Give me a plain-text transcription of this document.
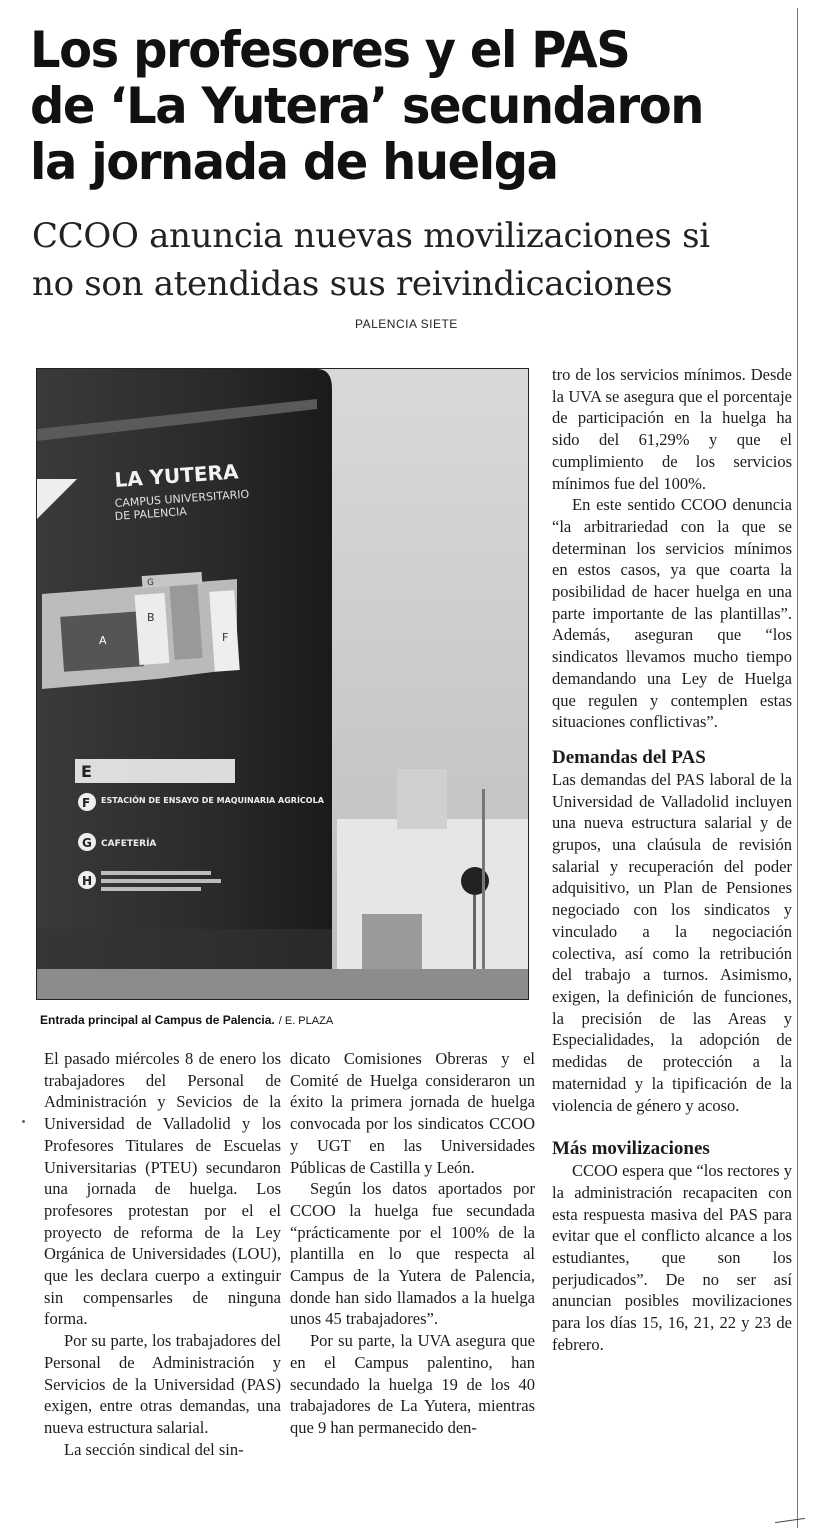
Los profesores y el PAS
de ‘La Yutera’ secundaron
la jornada de huelga
CCOO anuncia nuevas movilizaciones si
no son atendidas sus reivindicaciones
PALENCIA SIETE
LA YUTERA
CAMPUS UNIVERSITARIO
DE PALENCIA
A
B
F
G
E
F ESTACIÓN DE ENSAYO DE MAQUINARIA AGRÍCOLA
G CAFETERÍA
H
Entrada principal al Campus de Palencia. / E. PLAZA

El pasado miércoles 8 de enero los trabajadores del Personal de Administración y Sevicios de la Universidad de Valladolid y los Profesores Titulares de Escuelas Universitarias (PTEU) secundaron una jornada de huelga. Los profesores protestan por el el proyecto de reforma de la Ley Orgánica de Universidades (LOU), que les declara cuerpo a extinguir sin compensarles de ninguna forma.

Por su parte, los trabajadores del Personal de Administración y Servicios de la Universidad (PAS) exigen, entre otras demandas, una nueva estructura salarial.

La sección sindical del sin-

dicato Comisiones Obreras y el Comité de Huelga consideraron un éxito la primera jornada de huelga convocada por los sindicatos CCOO y UGT en las Universidades Públicas de Castilla y León.

Según los datos aportados por CCOO la huelga fue secundada “prácticamente por el 100% de la plantilla en lo que respecta al Campus de la Yutera de Palencia, donde han sido llamados a la huelga unos 45 trabajadores”.

Por su parte, la UVA asegura que en el Campus palentino, han secundado la huelga 19 de los 40 trabajadores de La Yutera, mientras que 9 han permanecido den-

tro de los servicios mínimos. Desde la UVA se asegura que el porcentaje de participación en la huelga ha sido del 61,29% y que el cumplimiento de los servicios mínimos fue del 100%.

En este sentido CCOO denuncia “la arbitrariedad con la que se determinan los servicios mínimos en estos casos, ya que coarta la posibilidad de hacer huelga en una parte importante de las plantillas”. Además, aseguran que “los sindicatos llevamos mucho tiempo demandando una Ley de Huelga que regulen y contemplen estas situaciones conflictivas”.

Demandas del PAS

Las demandas del PAS laboral de la Universidad de Valladolid incluyen una nueva estructura salarial y de grupos, una claúsula de revisión salarial y recuperación del poder adquisitivo, un Plan de Pensiones negociado con los sindicatos y vinculado a la negociación colectiva, así como la retribución del trabajo a turnos. Asimismo, exigen, la definición de funciones, la precisión de las Areas y Especialidades, la adopción de medidas de protección a la maternidad y la tipificación de la violencia de género y acoso.

Más movilizaciones

CCOO espera que “los rectores y la administración recapaciten con esta respuesta masiva del PAS para evitar que el conflicto alcance a los estudiantes, que son los perjudicados”. De no ser así anuncian posibles movilizaciones para los días 15, 16, 21, 22 y 23 de febrero.
